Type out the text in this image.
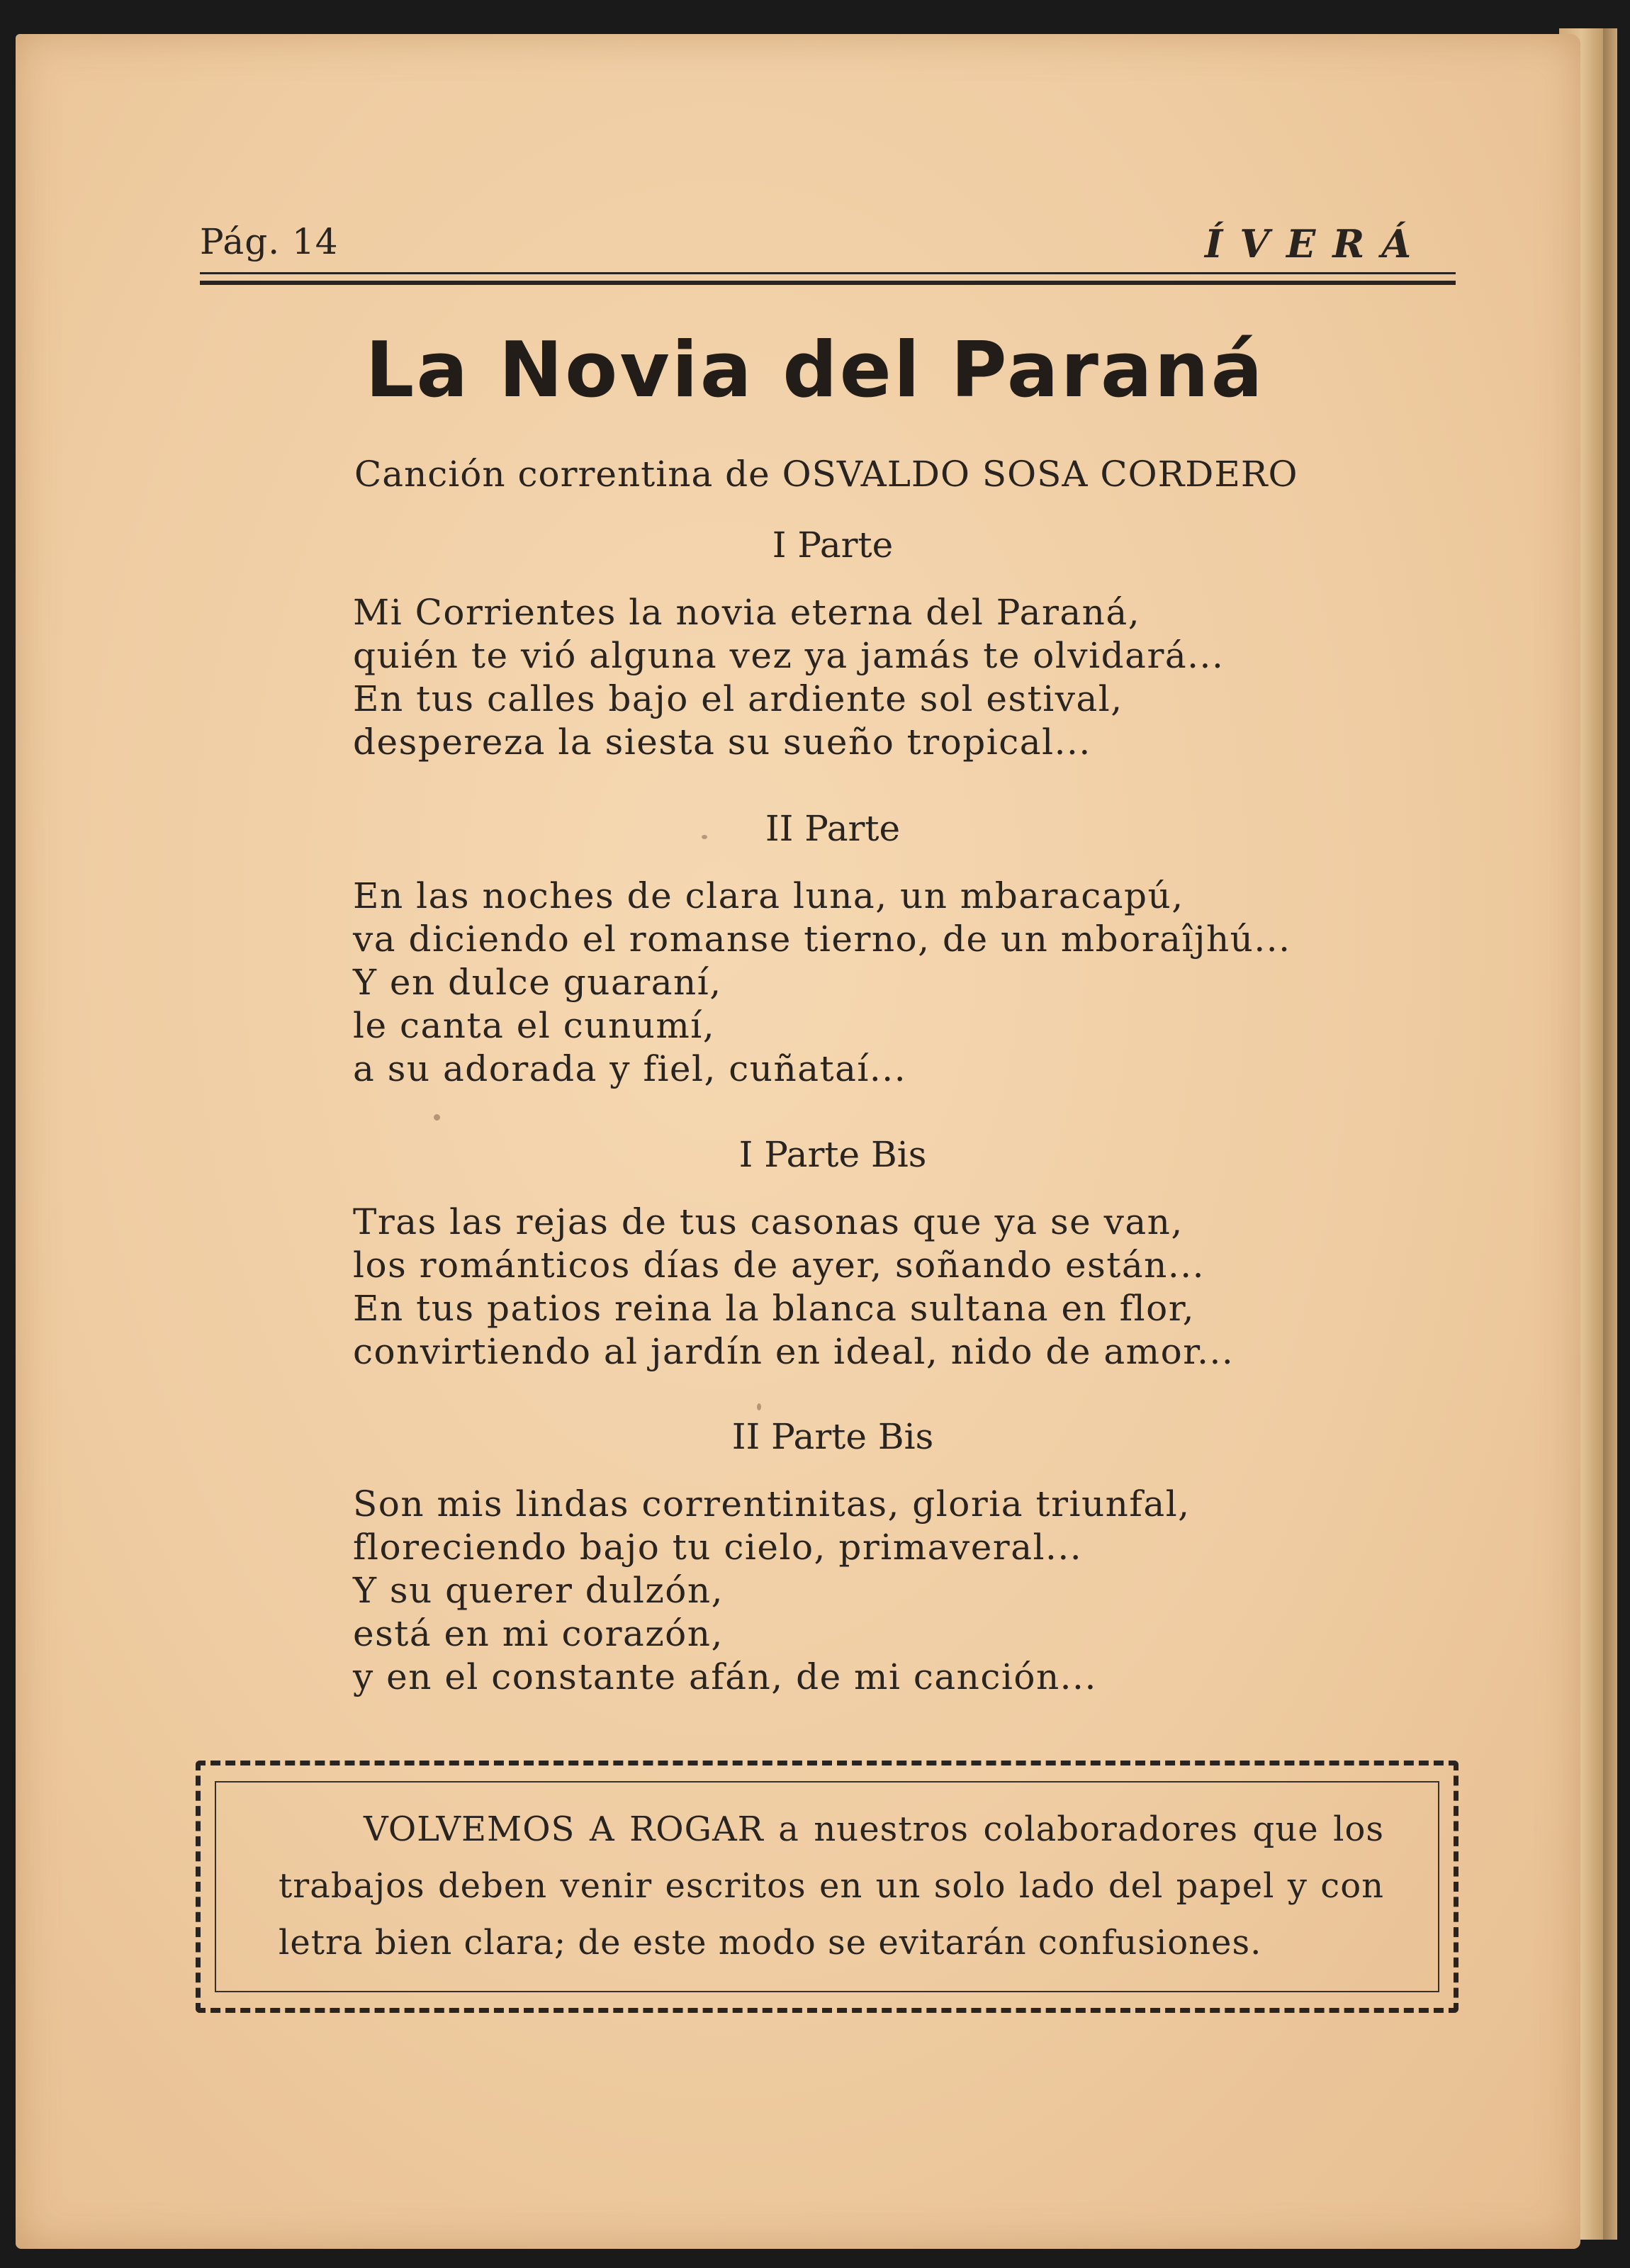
Pág. 14	ÍVERÁ
La Novia del Paraná
Canción correntina de OSVALDO SOSA CORDERO
I Parte
Mi Corrientes la novia eterna del Paraná,
quién te vió alguna vez ya jamás te olvidará...
En tus calles bajo el ardiente sol estival,
despereza la siesta su sueño tropical...
II Parte
En las noches de clara luna, un mbaracapú,
va diciendo el romanse tierno, de un mboraîjhú...
Y en dulce guaraní,
le canta el cunumí,
a su adorada y fiel, cuñataí...
I Parte Bis
Tras las rejas de tus casonas que ya se van,
los románticos días de ayer, soñando están...
En tus patios reina la blanca sultana en flor,
convirtiendo al jardín en ideal, nido de amor...
II Parte Bis
Son mis lindas correntinitas, gloria triunfal,
floreciendo bajo tu cielo, primaveral...
Y su querer dulzón,
está en mi corazón,
y en el constante afán, de mi canción...
VOLVEMOS A ROGAR a nuestros colaboradores que los trabajos deben venir escritos en un solo lado del papel y con letra bien clara; de este modo se evitarán confusiones.
